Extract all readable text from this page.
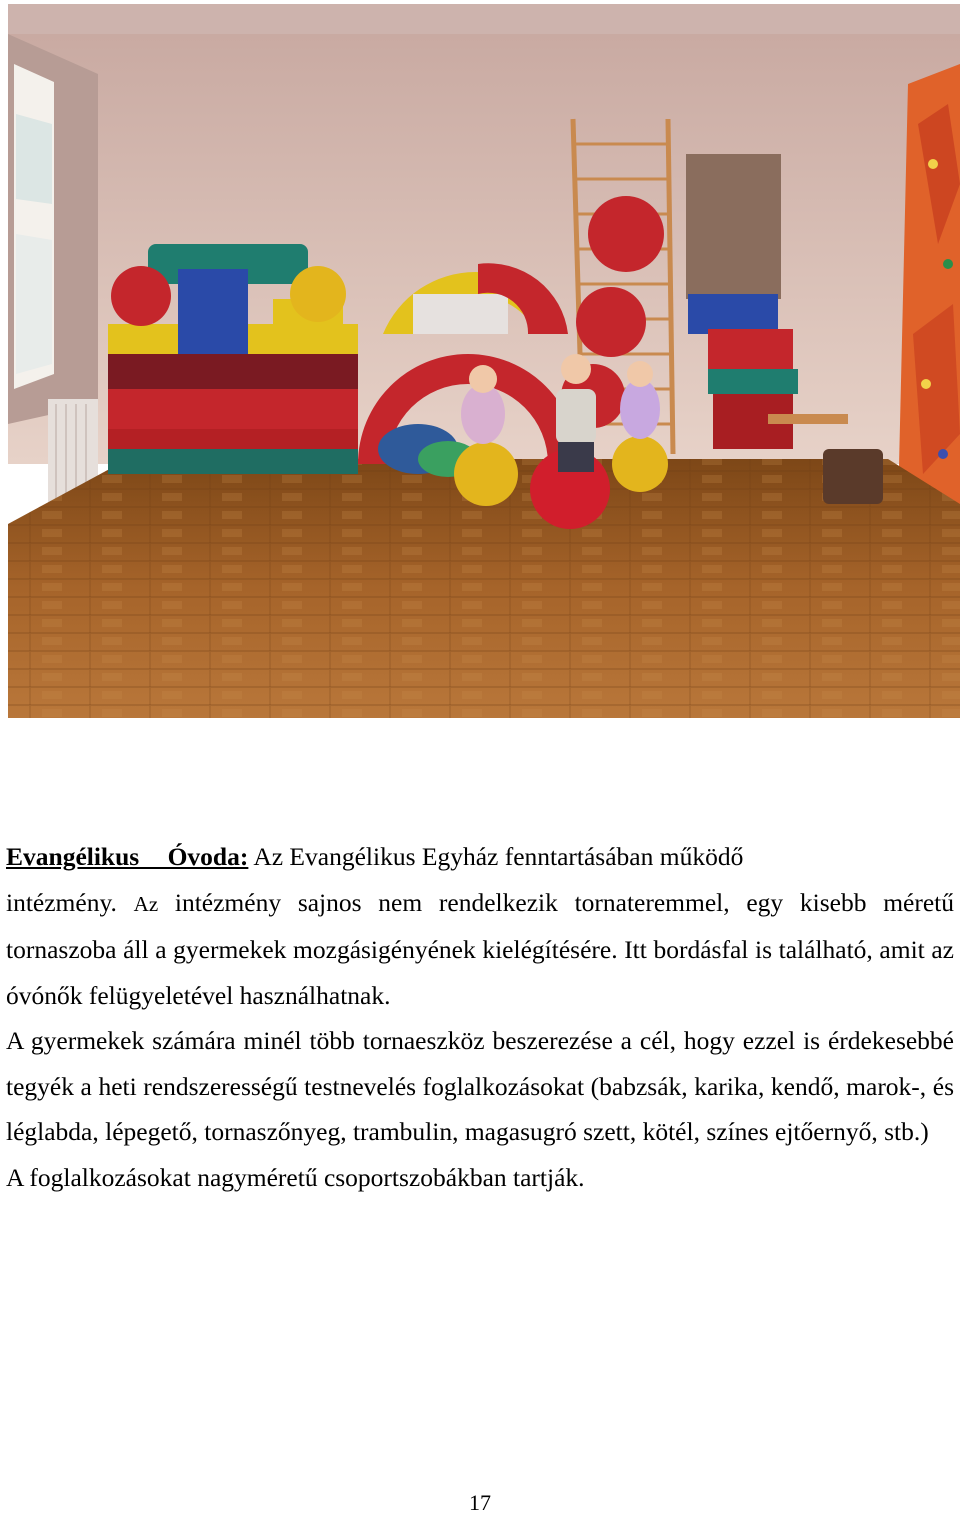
Evangélikus Óvoda: Az Evangélikus Egyház fenntartásában működő
intézmény. Az intézmény sajnos nem rendelkezik tornateremmel, egy kisebb méretű tornaszoba áll a gyermekek mozgásigényének kielégítésére. Itt bordásfal is található, amit az óvónők felügyeletével használhatnak.

A gyermekek számára minél több tornaeszköz beszerezése a cél, hogy ezzel is érdekesebbé tegyék a heti rendszerességű testnevelés foglalkozásokat (babzsák, karika, kendő, marok-, és léglabda, lépegető, tornaszőnyeg, trambulin, magasugró szett, kötél, színes ejtőernyő, stb.)

A foglalkozásokat nagyméretű csoportszobákban tartják.

17
